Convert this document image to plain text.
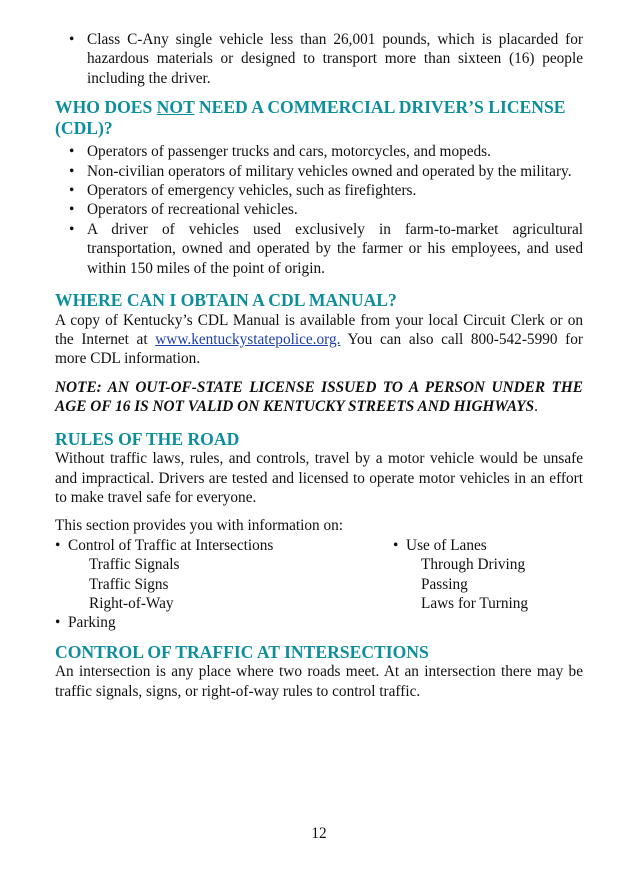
• Class C-Any single vehicle less than 26,001 pounds, which is placarded for hazardous materials or designed to transport more than sixteen (16) people including the driver.
WHO DOES NOT NEED A COMMERCIAL DRIVER’S LICENSE (CDL)?
• Operators of passenger trucks and cars, motorcycles, and mopeds.
• Non-civilian operators of military vehicles owned and operated by the military.
• Operators of emergency vehicles, such as firefighters.
• Operators of recreational vehicles.
• A driver of vehicles used exclusively in farm-to-market agricultural transportation, owned and operated by the farmer or his employees, and used within 150 miles of the point of origin.
WHERE CAN I OBTAIN A CDL MANUAL?

A copy of Kentucky’s CDL Manual is available from your local Circuit Clerk or on the Internet at www.kentuckystatepolice.org. You can also call 800-542-5990 for more CDL information.

NOTE: AN OUT-OF-STATE LICENSE ISSUED TO A PERSON UNDER THE AGE OF 16 IS NOT VALID ON KENTUCKY STREETS AND HIGHWAYS.

RULES OF THE ROAD

Without traffic laws, rules, and controls, travel by a motor vehicle would be unsafe and impractical. Drivers are tested and licensed to operate motor vehicles in an effort to make travel safe for everyone.

This section provides you with information on:

• Control of Traffic at Intersections
Traffic Signals
Traffic Signs
Right-of-Way
• Parking
• Use of Lanes
Through Driving
Passing
Laws for Turning
CONTROL OF TRAFFIC AT INTERSECTIONS

An intersection is any place where two roads meet. At an intersection there may be traffic signals, signs, or right-of-way rules to control traffic.

12
